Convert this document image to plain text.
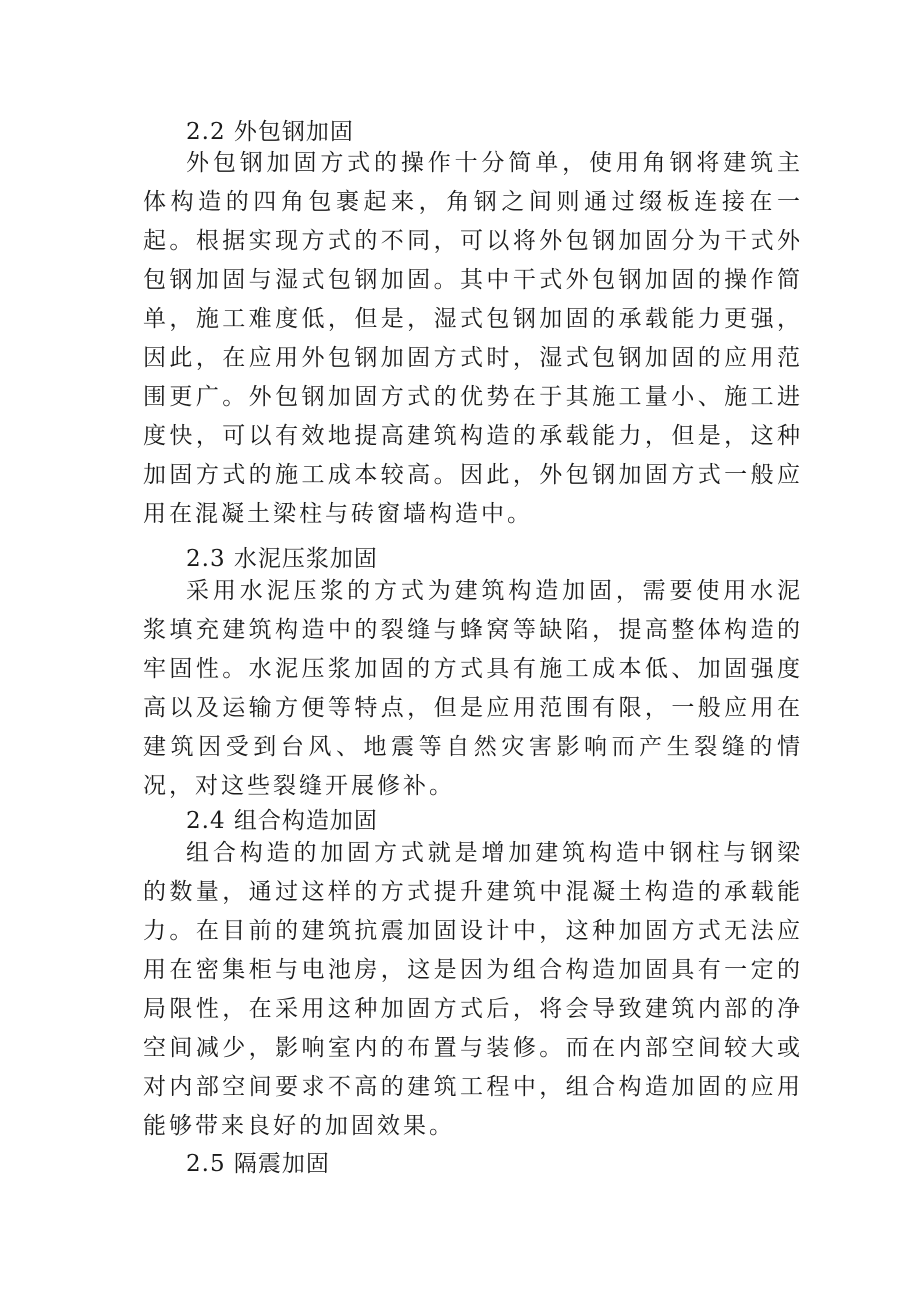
2.2 外包钢加固

外包钢加固方式的操作十分简单，使用角钢将建筑主体构造的四角包裹起来，角钢之间则通过缀板连接在一起。根据实现方式的不同，可以将外包钢加固分为干式外包钢加固与湿式包钢加固。其中干式外包钢加固的操作简单，施工难度低，但是，湿式包钢加固的承载能力更强，因此，在应用外包钢加固方式时，湿式包钢加固的应用范围更广。外包钢加固方式的优势在于其施工量小、施工进度快，可以有效地提高建筑构造的承载能力，但是，这种加固方式的施工成本较高。因此，外包钢加固方式一般应用在混凝土梁柱与砖窗墙构造中。

2.3 水泥压浆加固

采用水泥压浆的方式为建筑构造加固，需要使用水泥浆填充建筑构造中的裂缝与蜂窝等缺陷，提高整体构造的牢固性。水泥压浆加固的方式具有施工成本低、加固强度高以及运输方便等特点，但是应用范围有限，一般应用在建筑因受到台风、地震等自然灾害影响而产生裂缝的情况，对这些裂缝开展修补。

2.4 组合构造加固

组合构造的加固方式就是增加建筑构造中钢柱与钢梁的数量，通过这样的方式提升建筑中混凝土构造的承载能力。在目前的建筑抗震加固设计中，这种加固方式无法应用在密集柜与电池房，这是因为组合构造加固具有一定的局限性，在采用这种加固方式后，将会导致建筑内部的净空间减少，影响室内的布置与装修。而在内部空间较大或对内部空间要求不高的建筑工程中，组合构造加固的应用能够带来良好的加固效果。

2.5 隔震加固
